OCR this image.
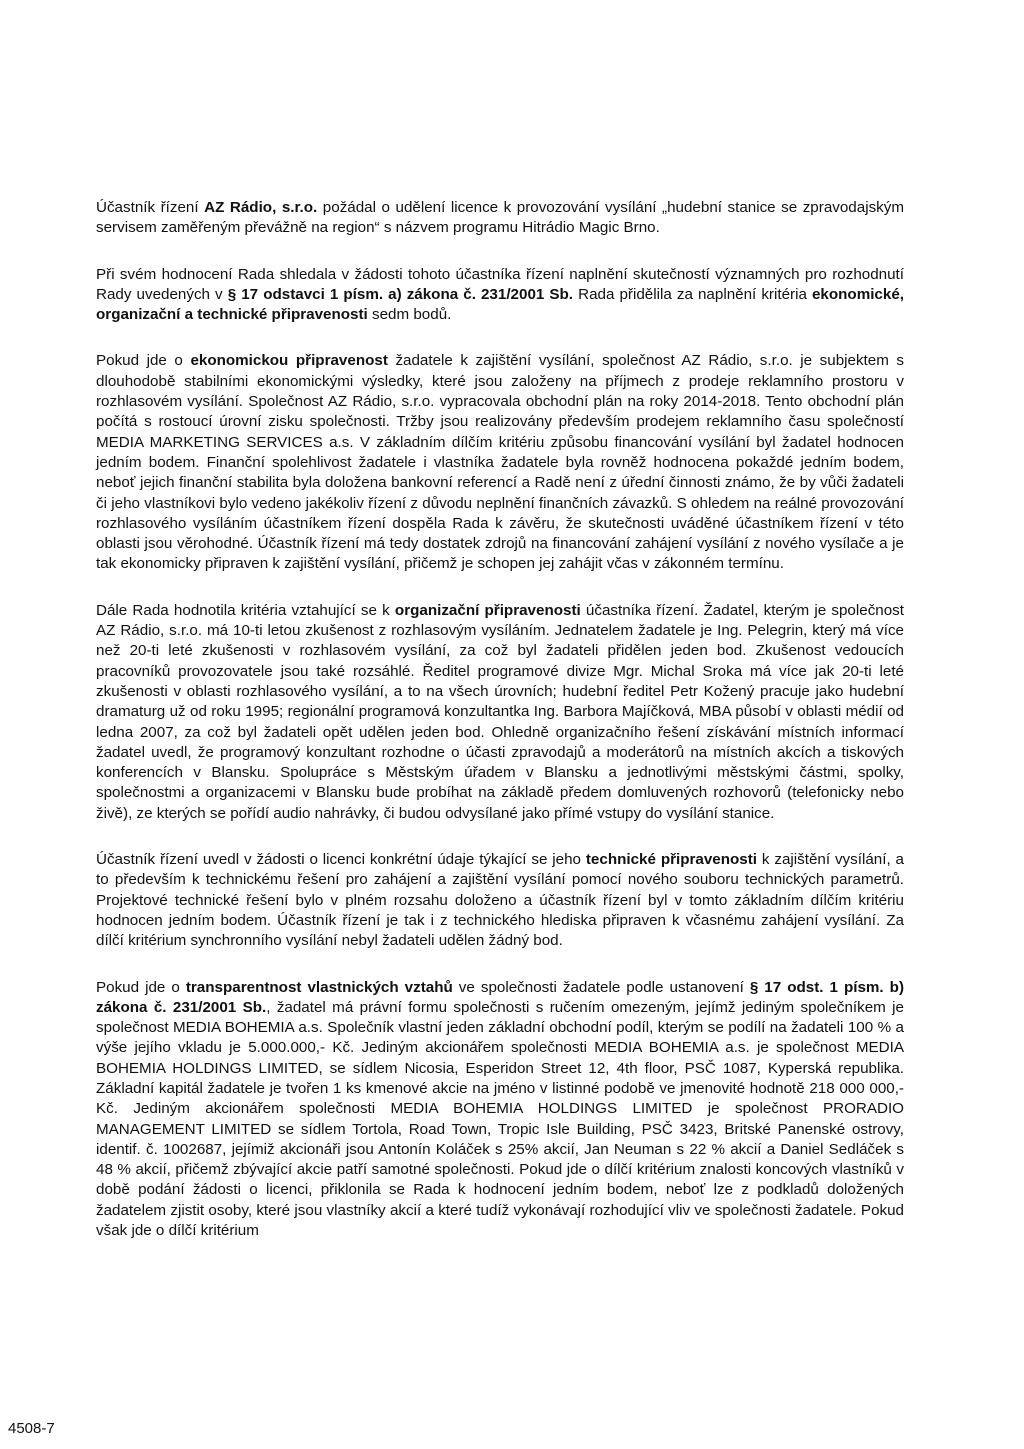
Účastník řízení AZ Rádio, s.r.o. požádal o udělení licence k provozování vysílání „hudební stanice se zpravodajským servisem zaměřeným převážně na region“ s názvem programu Hitrádio Magic Brno.

Při svém hodnocení Rada shledala v žádosti tohoto účastníka řízení naplnění skutečností významných pro rozhodnutí Rady uvedených v § 17 odstavci 1 písm. a) zákona č. 231/2001 Sb. Rada přidělila za naplnění kritéria ekonomické, organizační a technické připravenosti sedm bodů.

Pokud jde o ekonomickou připravenost žadatele k zajištění vysílání, společnost AZ Rádio, s.r.o. je subjektem s dlouhodobě stabilními ekonomickými výsledky, které jsou založeny na příjmech z prodeje reklamního prostoru v rozhlasovém vysílání. Společnost AZ Rádio, s.r.o. vypracovala obchodní plán na roky 2014-2018. Tento obchodní plán počítá s rostoucí úrovní zisku společnosti. Tržby jsou realizovány především prodejem reklamního času společností MEDIA MARKETING SERVICES a.s. V základním dílčím kritériu způsobu financování vysílání byl žadatel hodnocen jedním bodem. Finanční spolehlivost žadatele i vlastníka žadatele byla rovněž hodnocena pokaždé jedním bodem, neboť jejich finanční stabilita byla doložena bankovní referencí a Radě není z úřední činnosti známo, že by vůči žadateli či jeho vlastníkovi bylo vedeno jakékoliv řízení z důvodu neplnění finančních závazků. S ohledem na reálné provozování rozhlasového vysíláním účastníkem řízení dospěla Rada k závěru, že skutečnosti uváděné účastníkem řízení v této oblasti jsou věrohodné. Účastník řízení má tedy dostatek zdrojů na financování zahájení vysílání z nového vysílače a je tak ekonomicky připraven k zajištění vysílání, přičemž je schopen jej zahájit včas v zákonném termínu.

Dále Rada hodnotila kritéria vztahující se k organizační připravenosti účastníka řízení. Žadatel, kterým je společnost AZ Rádio, s.r.o. má 10-ti letou zkušenost z rozhlasovým vysíláním. Jednatelem žadatele je Ing. Pelegrin, který má více než 20-ti leté zkušenosti v rozhlasovém vysílání, za což byl žadateli přidělen jeden bod. Zkušenost vedoucích pracovníků provozovatele jsou také rozsáhlé. Ředitel programové divize Mgr. Michal Sroka má více jak 20-ti leté zkušenosti v oblasti rozhlasového vysílání, a to na všech úrovních; hudební ředitel Petr Kožený pracuje jako hudební dramaturg už od roku 1995; regionální programová konzultantka Ing. Barbora Majíčková, MBA působí v oblasti médií od ledna 2007, za což byl žadateli opět udělen jeden bod. Ohledně organizačního řešení získávání místních informací žadatel uvedl, že programový konzultant rozhodne o účasti zpravodajů a moderátorů na místních akcích a tiskových konferencích v Blansku. Spolupráce s Městským úřadem v Blansku a jednotlivými městskými částmi, spolky, společnostmi a organizacemi v Blansku bude probíhat na základě předem domluvených rozhovorů (telefonicky nebo živě), ze kterých se pořídí audio nahrávky, či budou odvysílané jako přímé vstupy do vysílání stanice.

Účastník řízení uvedl v žádosti o licenci konkrétní údaje týkající se jeho technické připravenosti k zajištění vysílání, a to především k technickému řešení pro zahájení a zajištění vysílání pomocí nového souboru technických parametrů. Projektové technické řešení bylo v plném rozsahu doloženo a účastník řízení byl v tomto základním dílčím kritériu hodnocen jedním bodem. Účastník řízení je tak i z technického hlediska připraven k včasnému zahájení vysílání. Za dílčí kritérium synchronního vysílání nebyl žadateli udělen žádný bod.

Pokud jde o transparentnost vlastnických vztahů ve společnosti žadatele podle ustanovení § 17 odst. 1 písm. b) zákona č. 231/2001 Sb., žadatel má právní formu společnosti s ručením omezeným, jejímž jediným společníkem je společnost MEDIA BOHEMIA a.s. Společník vlastní jeden základní obchodní podíl, kterým se podílí na žadateli 100 % a výše jejího vkladu je 5.000.000,- Kč. Jediným akcionářem společnosti MEDIA BOHEMIA a.s. je společnost MEDIA BOHEMIA HOLDINGS LIMITED, se sídlem Nicosia, Esperidon Street 12, 4th floor, PSČ 1087, Kyperská republika. Základní kapitál žadatele je tvořen 1 ks kmenové akcie na jméno v listinné podobě ve jmenovité hodnotě 218 000 000,- Kč. Jediným akcionářem společnosti MEDIA BOHEMIA HOLDINGS LIMITED je společnost PRORADIO MANAGEMENT LIMITED se sídlem Tortola, Road Town, Tropic Isle Building, PSČ 3423, Britské Panenské ostrovy, identif. č. 1002687, jejímiž akcionáři jsou Antonín Koláček s 25% akcií, Jan Neuman s 22 % akcií a Daniel Sedláček s 48 % akcií, přičemž zbývající akcie patří samotné společnosti. Pokud jde o dílčí kritérium znalosti koncových vlastníků v době podání žádosti o licenci, přiklonila se Rada k hodnocení jedním bodem, neboť lze z podkladů doložených žadatelem zjistit osoby, které jsou vlastníky akcií a které tudíž vykonávají rozhodující vliv ve společnosti žadatele. Pokud však jde o dílčí kritérium

4508-7
